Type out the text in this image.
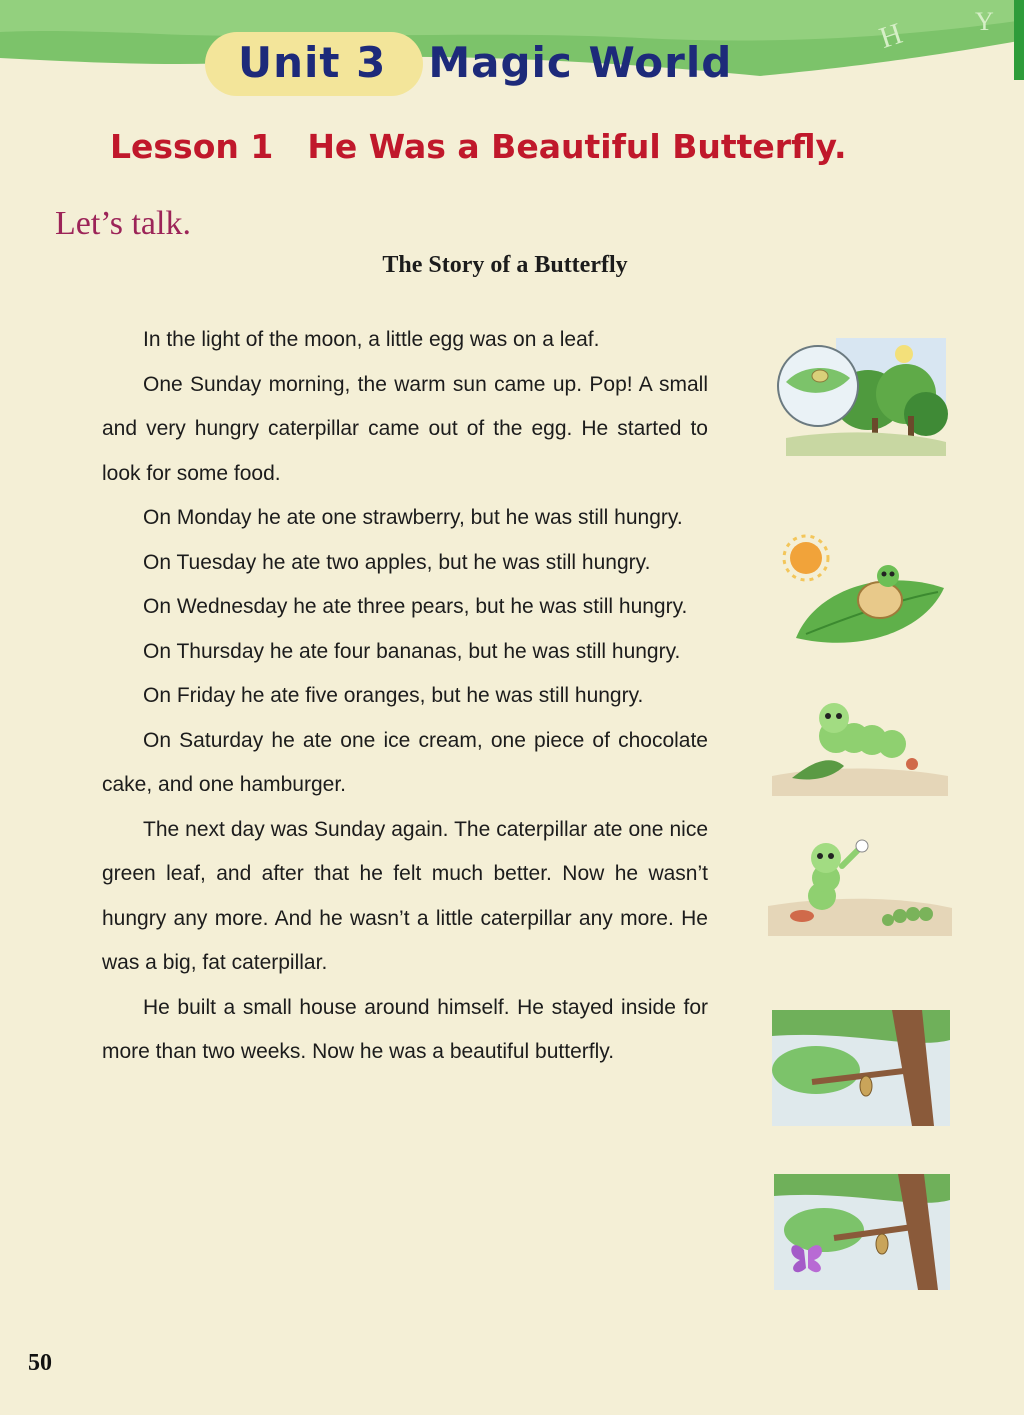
H	Y
Unit 3 Magic World
Lesson 1 He Was a Beautiful Butterfly.
Let’s talk.
The Story of a Butterfly

In the light of the moon, a little egg was on a leaf.

One Sunday morning, the warm sun came up. Pop! A small and very hungry caterpillar came out of the egg. He started to look for some food.

On Monday he ate one strawberry, but he was still hungry.

On Tuesday he ate two apples, but he was still hungry.

On Wednesday he ate three pears, but he was still hungry.

On Thursday he ate four bananas, but he was still hungry.

On Friday he ate five oranges, but he was still hungry.

On Saturday he ate one ice cream, one piece of chocolate cake, and one hamburger.

The next day was Sunday again. The caterpillar ate one nice green leaf, and after that he felt much better. Now he wasn’t hungry any more. And he wasn’t a little caterpillar any more. He was a big, fat caterpillar.

He built a small house around himself. He stayed inside for more than two weeks. Now he was a beautiful butterfly.

50
